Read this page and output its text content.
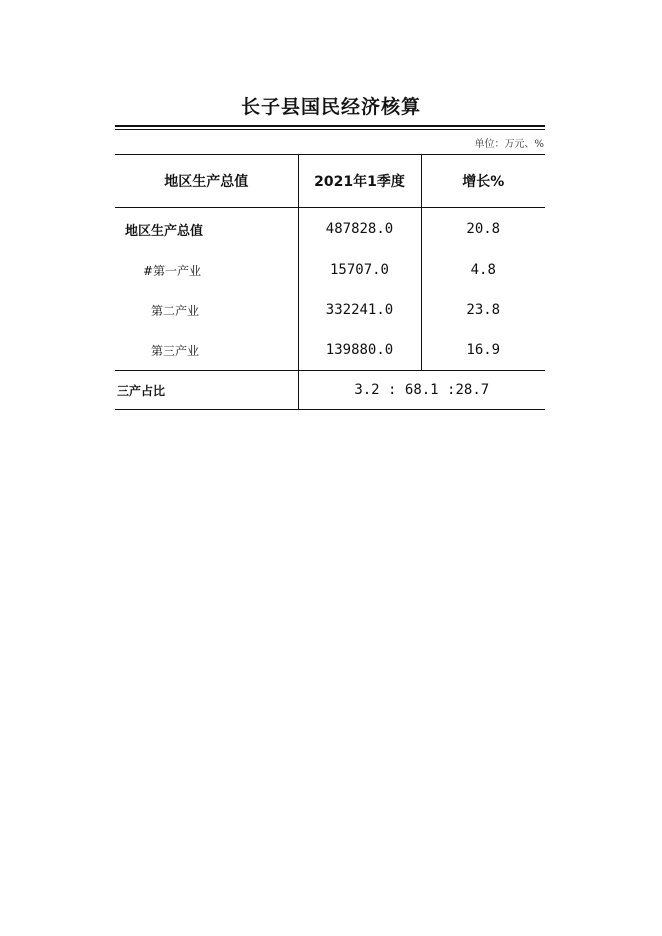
长子县国民经济核算
单位：万元、%
地区生产总值	2021年1季度	增长%
地区生产总值	487828.0	20.8
#第一产业	15707.0	4.8
第二产业	332241.0	23.8
第三产业	139880.0	16.9
三产占比	3.2 : 68.1 :28.7	
